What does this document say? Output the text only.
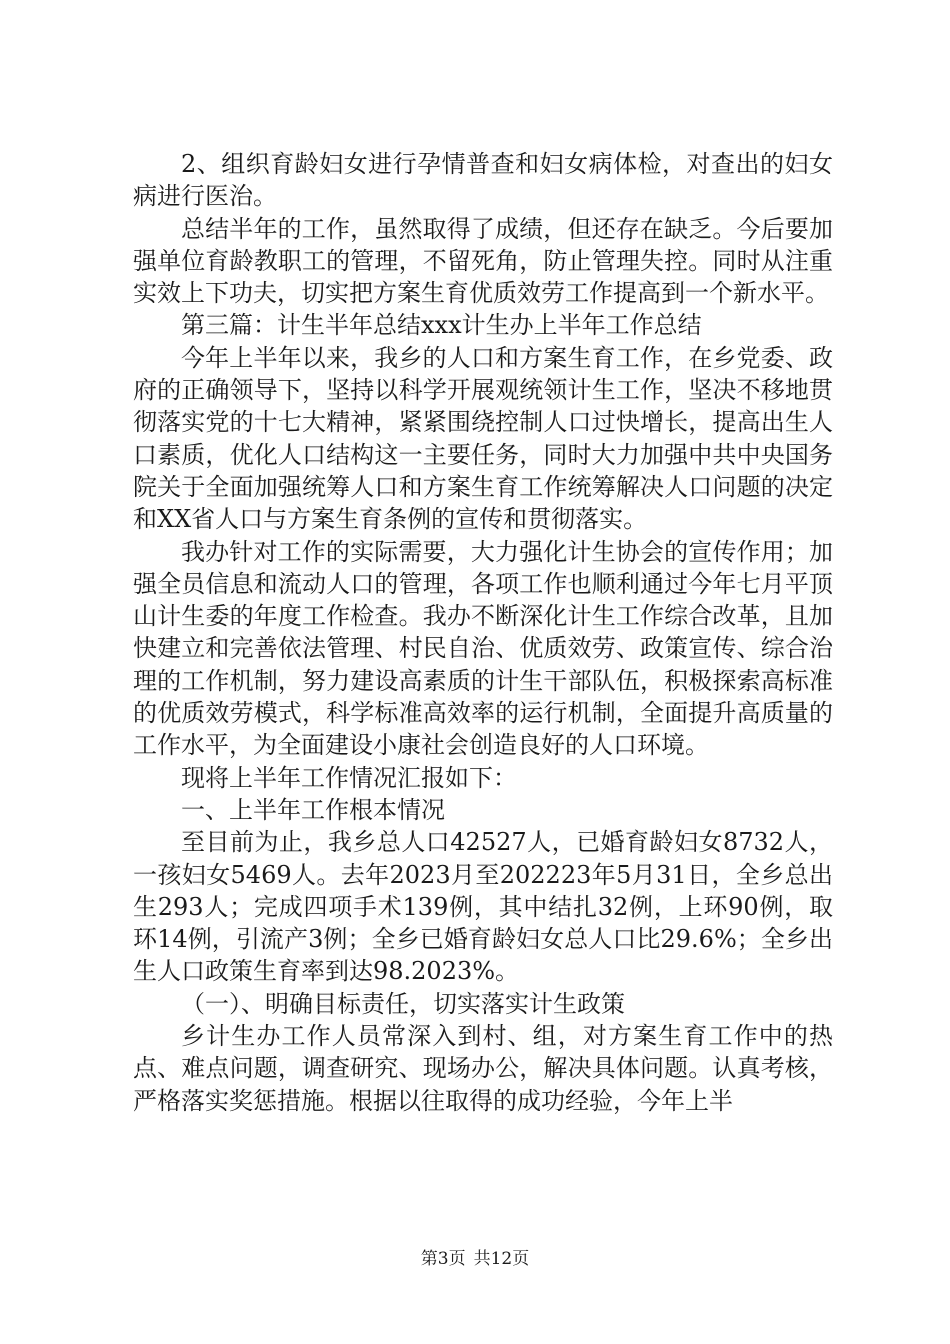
2、组织育龄妇女进行孕情普查和妇女病体检，对查出的妇女病进行医治。

总结半年的工作，虽然取得了成绩，但还存在缺乏。今后要加强单位育龄教职工的管理，不留死角，防止管理失控。同时从注重实效上下功夫，切实把方案生育优质效劳工作提高到一个新水平。

第三篇：计生半年总结xxx计生办上半年工作总结

今年上半年以来，我乡的人口和方案生育工作，在乡党委、政府的正确领导下，坚持以科学开展观统领计生工作，坚决不移地贯彻落实党的十七大精神，紧紧围绕控制人口过快增长，提高出生人口素质，优化人口结构这一主要任务，同时大力加强中共中央国务院关于全面加强统筹人口和方案生育工作统筹解决人口问题的决定和XX省人口与方案生育条例的宣传和贯彻落实。

我办针对工作的实际需要，大力强化计生协会的宣传作用；加强全员信息和流动人口的管理，各项工作也顺利通过今年七月平顶山计生委的年度工作检查。我办不断深化计生工作综合改革，且加快建立和完善依法管理、村民自治、优质效劳、政策宣传、综合治理的工作机制，努力建设高素质的计生干部队伍，积极探索高标准的优质效劳模式，科学标准高效率的运行机制，全面提升高质量的工作水平，为全面建设小康社会创造良好的人口环境。

现将上半年工作情况汇报如下：

一、上半年工作根本情况

至目前为止，我乡总人口42527人，已婚育龄妇女8732人，一孩妇女5469人。去年2023月至202223年5月31日，全乡总出生293人；完成四项手术139例，其中结扎32例，上环90例，取环14例，引流产3例；全乡已婚育龄妇女总人口比29.6%；全乡出生人口政策生育率到达98.2023%。

（一）、明确目标责任，切实落实计生政策

乡计生办工作人员常深入到村、组，对方案生育工作中的热点、难点问题，调查研究、现场办公，解决具体问题。认真考核，严格落实奖惩措施。根据以往取得的成功经验，今年上半

第3页 共12页
